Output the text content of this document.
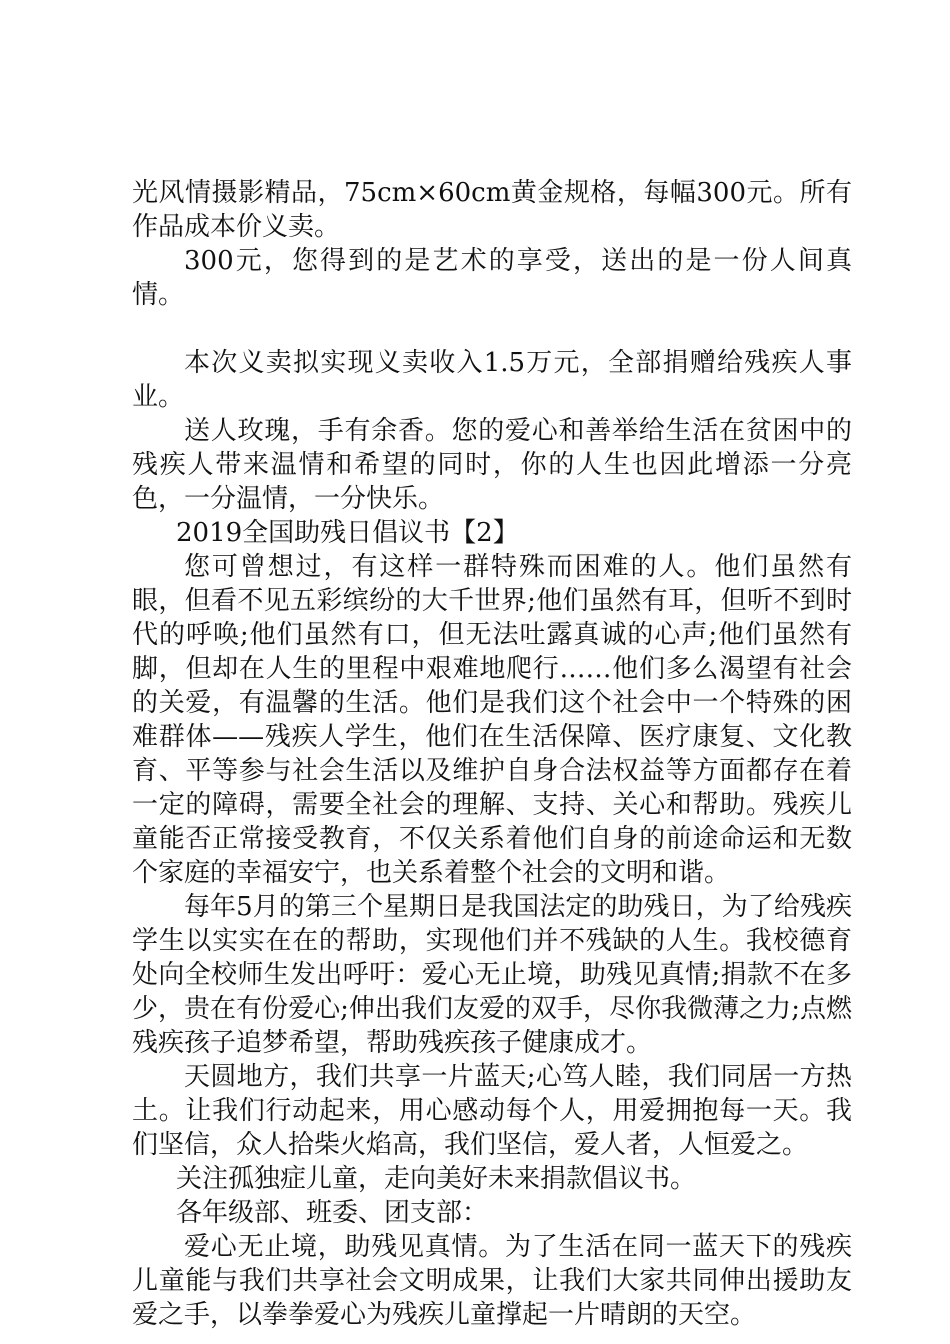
光风情摄影精品，75cm×60cm黄金规格，每幅300元。所有作品成本价义卖。

300元，您得到的是艺术的享受，送出的是一份人间真情。

本次义卖拟实现义卖收入1.5万元，全部捐赠给残疾人事业。

送人玫瑰，手有余香。您的爱心和善举给生活在贫困中的残疾人带来温情和希望的同时，你的人生也因此增添一分亮色，一分温情，一分快乐。

2019全国助残日倡议书【2】

您可曾想过，有这样一群特殊而困难的人。他们虽然有眼，但看不见五彩缤纷的大千世界;他们虽然有耳，但听不到时代的呼唤;他们虽然有口，但无法吐露真诚的心声;他们虽然有脚，但却在人生的里程中艰难地爬行……他们多么渴望有社会的关爱，有温馨的生活。他们是我们这个社会中一个特殊的困难群体——残疾人学生，他们在生活保障、医疗康复、文化教育、平等参与社会生活以及维护自身合法权益等方面都存在着一定的障碍，需要全社会的理解、支持、关心和帮助。残疾儿童能否正常接受教育，不仅关系着他们自身的前途命运和无数个家庭的幸福安宁，也关系着整个社会的文明和谐。

每年5月的第三个星期日是我国法定的助残日，为了给残疾学生以实实在在的帮助，实现他们并不残缺的人生。我校德育处向全校师生发出呼吁：爱心无止境，助残见真情;捐款不在多少，贵在有份爱心;伸出我们友爱的双手，尽你我微薄之力;点燃残疾孩子追梦希望，帮助残疾孩子健康成才。

天圆地方，我们共享一片蓝天;心笃人睦，我们同居一方热土。让我们行动起来，用心感动每个人，用爱拥抱每一天。我们坚信，众人拾柴火焰高，我们坚信，爱人者，人恒爱之。

关注孤独症儿童，走向美好未来捐款倡议书。

各年级部、班委、团支部：

爱心无止境，助残见真情。为了生活在同一蓝天下的残疾儿童能与我们共享社会文明成果，让我们大家共同伸出援助友爱之手，以拳拳爱心为残疾儿童撑起一片晴朗的天空。
